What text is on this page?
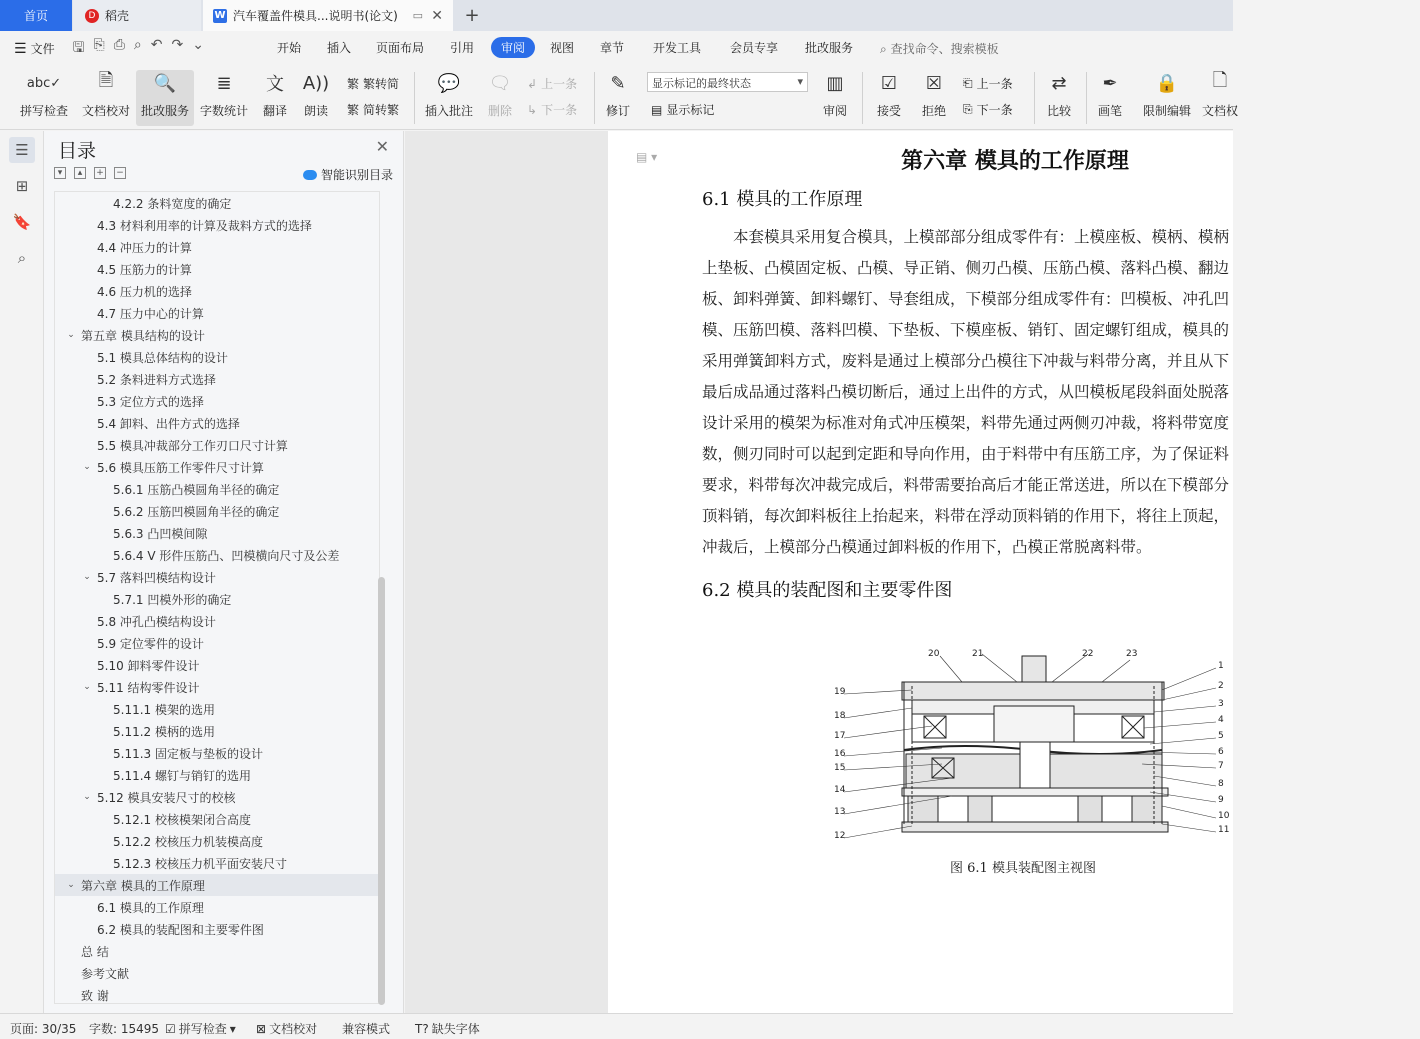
首页	D 稻壳	W 汽车覆盖件模具...说明书(论文) ▭ ✕ +
☰ 文件 🖫 ⎘ ⎙ ⌕ ↶ ↷ ⌄	开始 插入 页面布局 引用	审阅	视图 章节 开发工具 会员专享 批改服务 ⌕ 查找命令、搜索模板
abc✓
拼写检查
🗎
文档校对
🔍
批改服务
≣
字数统计
文
翻译
A))
朗读
繁 繁转简
繁 简转繁
💬
插入批注
🗨
删除
↲ 上一条
↳ 下一条
✎
修订
显示标记的最终状态 ▾
▤ 显示标记
▥
审阅
☑
接受
☒
拒绝
⎗ 上一条
⎘ 下一条
⇄
比较
✒
画笔
🔒
限制编辑
🗋
文档权
☰
⊞
🔖
⌕
目录	✕
▾	▴	+ −	智能识别目录
4.2.2 条料宽度的确定
4.3 材料利用率的计算及裁料方式的选择
4.4 冲压力的计算
4.5 压筋力的计算
4.6 压力机的选择
4.7 压力中心的计算
⌄ 第五章 模具结构的设计
5.1 模具总体结构的设计
5.2 条料进料方式选择
5.3 定位方式的选择
5.4 卸料、出件方式的选择
5.5 模具冲裁部分工作刃口尺寸计算
⌄ 5.6 模具压筋工作零件尺寸计算
5.6.1 压筋凸模圆角半径的确定
5.6.2 压筋凹模圆角半径的确定
5.6.3 凸凹模间隙
5.6.4 V 形件压筋凸、凹模横向尺寸及公差
⌄ 5.7 落料凹模结构设计
5.7.1 凹模外形的确定
5.8 冲孔凸模结构设计
5.9 定位零件的设计
5.10 卸料零件设计
⌄ 5.11 结构零件设计
5.11.1 模架的选用
5.11.2 模柄的选用
5.11.3 固定板与垫板的设计
5.11.4 螺钉与销钉的选用
⌄ 5.12 模具安装尺寸的校核
5.12.1 校核模架闭合高度
5.12.2 校核压力机装模高度
5.12.3 校核压力机平面安装尺寸
⌄ 第六章 模具的工作原理
6.1 模具的工作原理
6.2 模具的装配图和主要零件图
总 结
参考文献
致 谢
▤ ▾	第六章 模具的工作原理
6.1 模具的工作原理
　　本套模具采用复合模具，上模部部分组成零件有：上模座板、模柄、模柄
上垫板、凸模固定板、凸模、导正销、侧刃凸模、压筋凸模、落料凸模、翻边
板、卸料弹簧、卸料螺钉、导套组成，下模部分组成零件有：凹模板、冲孔凹
模、压筋凹模、落料凹模、下垫板、下模座板、销钉、固定螺钉组成，模具的
采用弹簧卸料方式，废料是通过上模部分凸模往下冲裁与料带分离，并且从下
最后成品通过落料凸模切断后，通过上出件的方式，从凹模板尾段斜面处脱落
设计采用的模架为标准对角式冲压模架，料带先通过两侧刃冲裁，将料带宽度
数，侧刃同时可以起到定距和导向作用，由于料带中有压筋工序，为了保证料
要求，料带每次冲裁完成后，料带需要抬高后才能正常送进，所以在下模部分
顶料销，每次卸料板往上抬起来，料带在浮动顶料销的作用下，将往上顶起，
冲裁后，上模部分凸模通过卸料板的作用下，凸模正常脱离料带。
6.2 模具的装配图和主要零件图
19
18
17
16
15
14
13
12
1
2
3
4
5
6
7
8
9
10
11
20	21	22	23
图 6.1 模具装配图主视图
页面: 30/35 字数: 15495 ☑ 拼写检查 ▾ ⊠ 文档校对 兼容模式 T? 缺失字体
